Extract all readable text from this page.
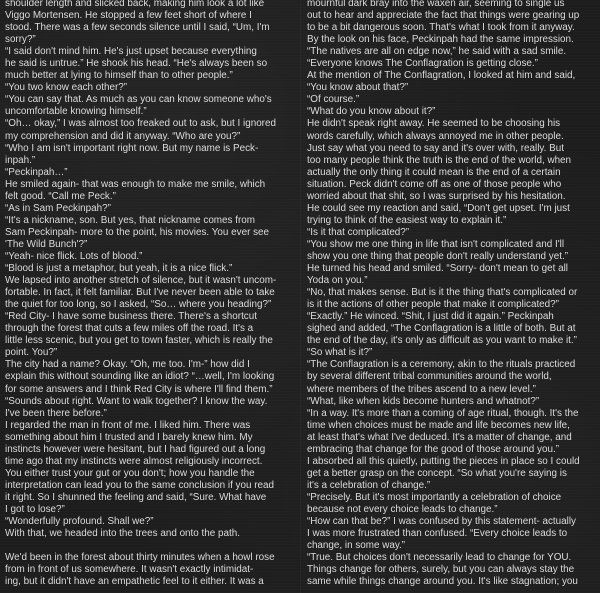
shoulder length and slicked back, making him look a lot like

Viggo Mortensen. He stopped a few feet short of where I

stood. There was a few seconds silence until I said, “Um, I'm

sorry?”

“I said don't mind him. He's just upset because everything

he said is untrue.” He shook his head. “He's always been so

much better at lying to himself than to other people.”

“You two know each other?”

“You can say that. As much as you can know someone who's

uncomfortable knowing himself.”

“Oh… okay,” I was almost too freaked out to ask, but I ignored

my comprehension and did it anyway. “Who are you?”

“Who I am isn't important right now. But my name is Peck-

inpah.”

“Peckinpah…”

He smiled again- that was enough to make me smile, which

felt good. “Call me Peck.”

“As in Sam Peckinpah?”

“It's a nickname, son. But yes, that nickname comes from

Sam Peckinpah- more to the point, his movies. You ever see

'The Wild Bunch'?”

“Yeah- nice flick. Lots of blood.”

“Blood is just a metaphor, but yeah, it is a nice flick.”

We lapsed into another stretch of silence, but it wasn't uncom-

fortable. In fact, it felt familiar. But I've never been able to take

the quiet for too long, so I asked, “So… where you heading?”

“Red City- I have some business there. There's a shortcut

through the forest that cuts a few miles off the road. It's a

little less scenic, but you get to town faster, which is really the

point. You?”

The city had a name? Okay. “Oh, me too. I'm-” how did I

explain this without sounding like an idiot? “…well, I'm looking

for some answers and I think Red City is where I'll find them.”

“Sounds about right. Want to walk together? I know the way.

I've been there before.”

I regarded the man in front of me. I liked him. There was

something about him I trusted and I barely knew him. My

instincts however were hesitant, but I had figured out a long

time ago that my instincts were almost religiously incorrect.

You either trust your gut or you don't; how you handle the

interpretation can lead you to the same conclusion if you read

it right. So I shunned the feeling and said, “Sure. What have

I got to lose?”

“Wonderfully profound. Shall we?”

With that, we headed into the trees and onto the path.

We'd been in the forest about thirty minutes when a howl rose

from in front of us somewhere. It wasn't exactly intimidat-

ing, but it didn't have an empathetic feel to it either. It was a

mournful dark bray into the waxen air, seeming to single us

out to hear and appreciate the fact that things were gearing up

to be a bit dangerous soon. That's what I took from it anyway.

By the look on his face, Peckinpah had the same impression.

“The natives are all on edge now,” he said with a sad smile.

“Everyone knows The Conflagration is getting close.”

At the mention of The Conflagration, I looked at him and said,

“You know about that?”

“Of course.”

“What do you know about it?”

He didn't speak right away. He seemed to be choosing his

words carefully, which always annoyed me in other people.

Just say what you need to say and it's over with, really. But

too many people think the truth is the end of the world, when

actually the only thing it could mean is the end of a certain

situation. Peck didn't come off as one of those people who

worried about that shit, so I was surprised by his hesitation.

He could see my reaction and said, “Don't get upset. I'm just

trying to think of the easiest way to explain it.”

“Is it that complicated?”

“You show me one thing in life that isn't complicated and I'll

show you one thing that people don't really understand yet.”

He turned his head and smiled. “Sorry- don't mean to get all

Yoda on you.”

“No, that makes sense. But is it the thing that's complicated or

is it the actions of other people that make it complicated?”

“Exactly.” He winced. “Shit, I just did it again.” Peckinpah

sighed and added, “The Conflagration is a little of both. But at

the end of the day, it's only as difficult as you want to make it.”

“So what is it?”

“The Conflagration is a ceremony, akin to the rituals practiced

by several different tribal communities around the world,

where members of the tribes ascend to a new level.”

“What, like when kids become hunters and whatnot?”

“In a way. It's more than a coming of age ritual, though. It's the

time when choices must be made and life becomes new life,

at least that's what I've deduced. It's a matter of change, and

embracing that change for the good of those around you.”

I absorbed all this quietly, putting the pieces in place so I could

get a better grasp on the concept. “So what you're saying is

it's a celebration of change.”

“Precisely. But it's most importantly a celebration of choice

because not every choice leads to change.”

“How can that be?” I was confused by this statement- actually

I was more frustrated than confused. “Every choice leads to

change, in some way.”

“True. But choices don't necessarily lead to change for YOU.

Things change for others, surely, but you can always stay the

same while things change around you. It's like stagnation; you
